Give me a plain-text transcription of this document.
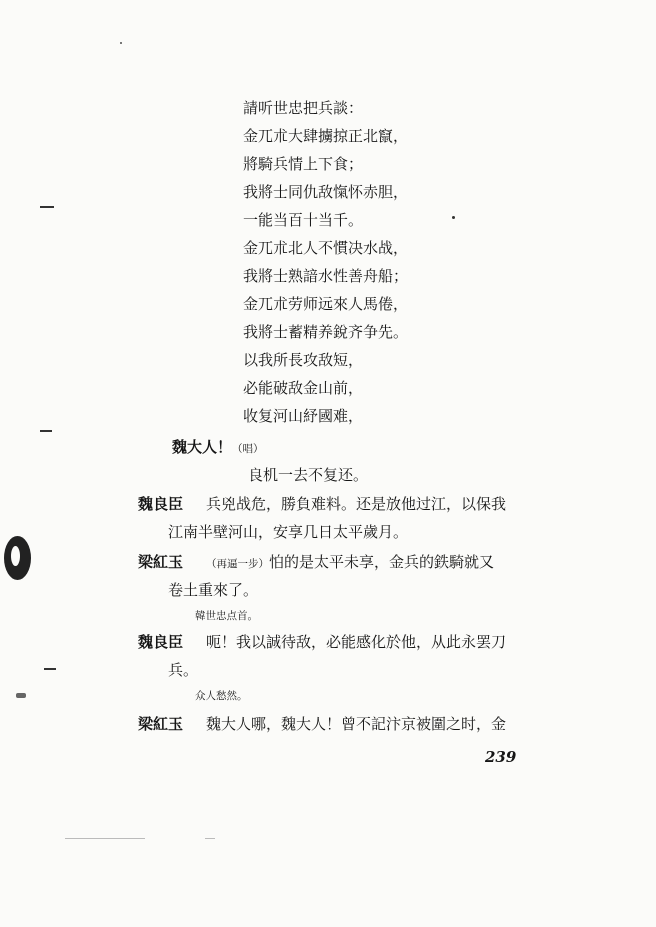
請听世忠把兵談：
金兀朮大肆擄掠正北竄，
將騎兵情上下食；
我將士同仇敌愾怀赤胆，
一能当百十当千。
金兀朮北人不慣决水战，
我將士熟諳水性善舟船；
金兀朮劳师远來人馬倦，
我將士蓄精养銳齐争先。
以我所長攻敌短，
必能破敌金山前，
收复河山紓國难，
魏大人！（唱）
良机一去不复还。
魏良臣 兵兇战危，勝負难料。还是放他过江，以保我
江南半壁河山，安享几日太平歲月。
梁紅玉 （再逼一步）怕的是太平未享，金兵的鉄騎就又
卷土重來了。
韓世忠点首。
魏良臣 呃！我以誠待敌，必能感化於他，从此永罢刀
兵。
众人愁然。
梁紅玉 魏大人哪，魏大人！曾不記汴京被圍之时，金
239
